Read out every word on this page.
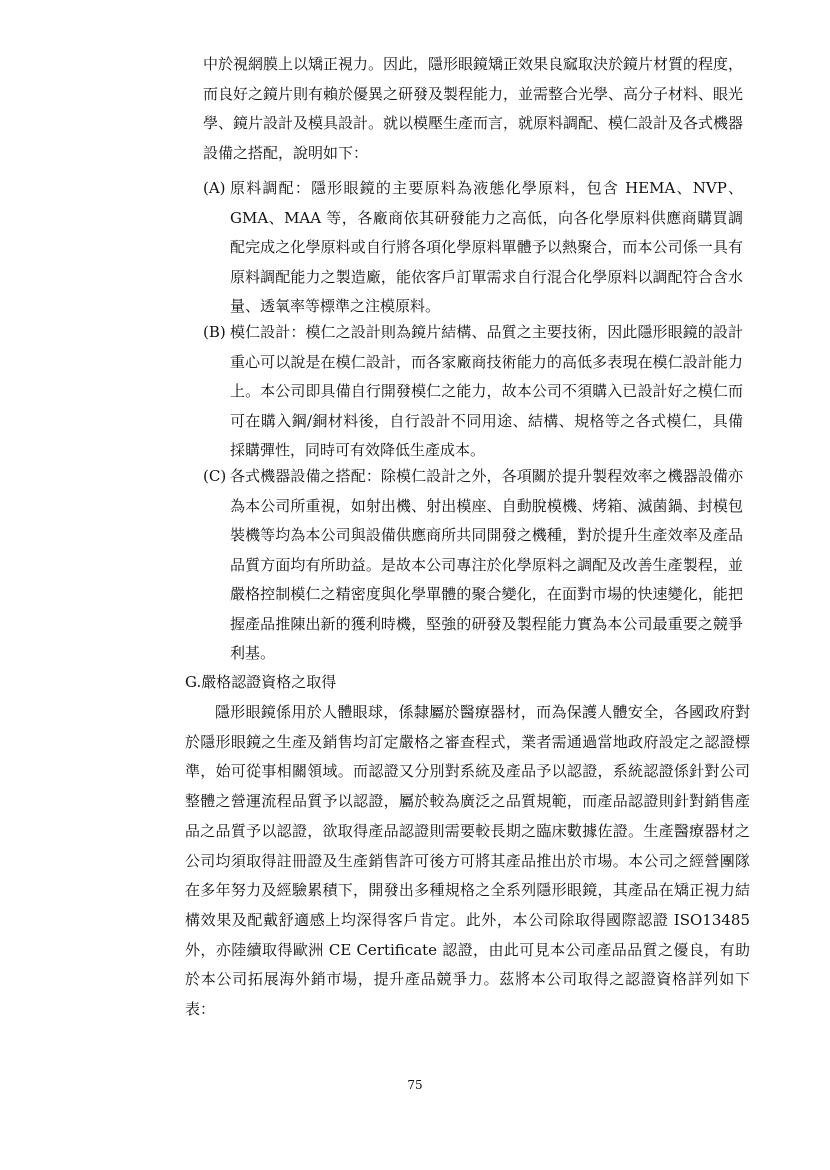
中於視網膜上以矯正視力。因此，隱形眼鏡矯正效果良窳取決於鏡片材質的程度，而良好之鏡片則有賴於優異之研發及製程能力，並需整合光學、高分子材料、眼光學、鏡片設計及模具設計。就以模壓生產而言，就原料調配、模仁設計及各式機器設備之搭配，說明如下：
(A) 原料調配：隱形眼鏡的主要原料為液態化學原料，包含 HEMA、NVP、GMA、MAA 等，各廠商依其研發能力之高低，向各化學原料供應商購買調配完成之化學原料或自行將各項化學原料單體予以熱聚合，而本公司係一具有原料調配能力之製造廠，能依客戶訂單需求自行混合化學原料以調配符合含水量、透氧率等標準之注模原料。
(B) 模仁設計：模仁之設計則為鏡片結構、品質之主要技術，因此隱形眼鏡的設計重心可以說是在模仁設計，而各家廠商技術能力的高低多表現在模仁設計能力上。本公司即具備自行開發模仁之能力，故本公司不須購入已設計好之模仁而可在購入鋼/銅材料後，自行設計不同用途、結構、規格等之各式模仁，具備採購彈性，同時可有效降低生產成本。
(C) 各式機器設備之搭配：除模仁設計之外，各項關於提升製程效率之機器設備亦為本公司所重視，如射出機、射出模座、自動脫模機、烤箱、滅菌鍋、封模包裝機等均為本公司與設備供應商所共同開發之機種，對於提升生產效率及產品品質方面均有所助益。是故本公司專注於化學原料之調配及改善生產製程，並嚴格控制模仁之精密度與化學單體的聚合變化，在面對市場的快速變化，能把握產品推陳出新的獲利時機，堅強的研發及製程能力實為本公司最重要之競爭利基。
G.嚴格認證資格之取得
隱形眼鏡係用於人體眼球，係隸屬於醫療器材，而為保護人體安全，各國政府對於隱形眼鏡之生產及銷售均訂定嚴格之審查程式，業者需通過當地政府設定之認證標準，始可從事相關領域。而認證又分別對系統及產品予以認證，系統認證係針對公司整體之營運流程品質予以認證，屬於較為廣泛之品質規範，而產品認證則針對銷售產品之品質予以認證，欲取得產品認證則需要較長期之臨床數據佐證。生產醫療器材之公司均須取得註冊證及生產銷售許可後方可將其產品推出於市場。本公司之經營團隊在多年努力及經驗累積下，開發出多種規格之全系列隱形眼鏡，其產品在矯正視力結構效果及配戴舒適感上均深得客戶肯定。此外，本公司除取得國際認證 ISO13485 外，亦陸續取得歐洲 CE Certificate 認證，由此可見本公司產品品質之優良，有助於本公司拓展海外銷市場，提升產品競爭力。茲將本公司取得之認證資格詳列如下表：
75
